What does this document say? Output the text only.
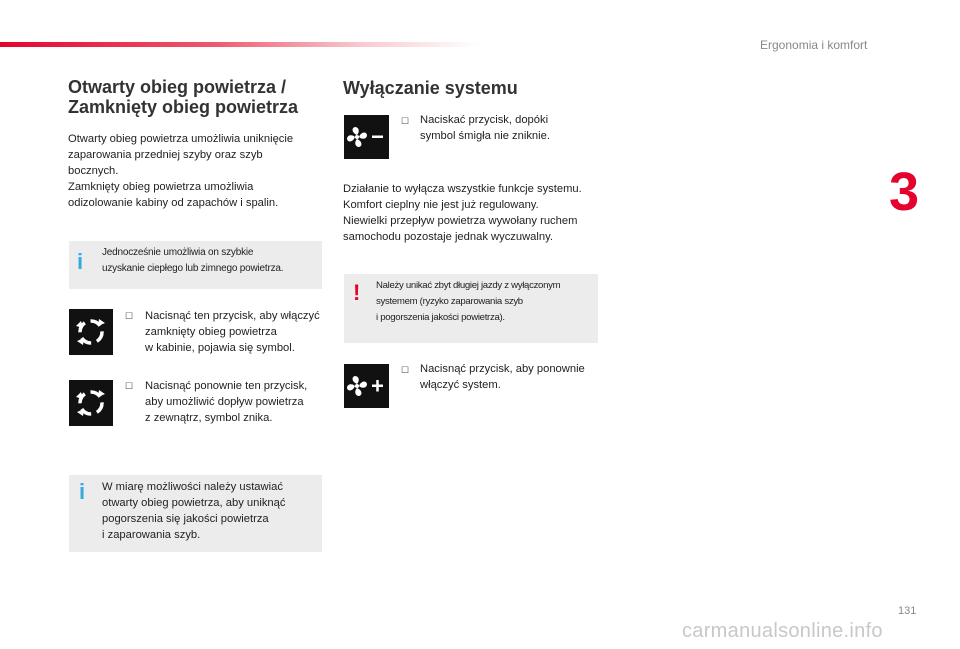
Ergonomia i komfort
3
Otwarty obieg powietrza /
Zamknięty obieg powietrza
Otwarty obieg powietrza umożliwia uniknięcie
zaparowania przedniej szyby oraz szyb
bocznych.
Zamknięty obieg powietrza umożliwia
odizolowanie kabiny od zapachów i spalin.
i Jednocześnie umożliwia on szybkie
uzyskanie ciepłego lub zimnego powietrza.
☐ Nacisnąć ten przycisk, aby włączyć
zamknięty obieg powietrza
w kabinie, pojawia się symbol.
☐ Nacisnąć ponownie ten przycisk,
aby umożliwić dopływ powietrza
z zewnątrz, symbol znika.
i W miarę możliwości należy ustawiać
otwarty obieg powietrza, aby uniknąć
pogorszenia się jakości powietrza
i zaparowania szyb.
Wyłączanie systemu
☐ Naciskać przycisk, dopóki
symbol śmigła nie zniknie.
Działanie to wyłącza wszystkie funkcje systemu.
Komfort cieplny nie jest już regulowany.
Niewielki przepływ powietrza wywołany ruchem
samochodu pozostaje jednak wyczuwalny.
! Należy unikać zbyt długiej jazdy z wyłączonym
systemem (ryzyko zaparowania szyb
i pogorszenia jakości powietrza).
☐ Nacisnąć przycisk, aby ponownie
włączyć system.
131
carmanualsonline.info
